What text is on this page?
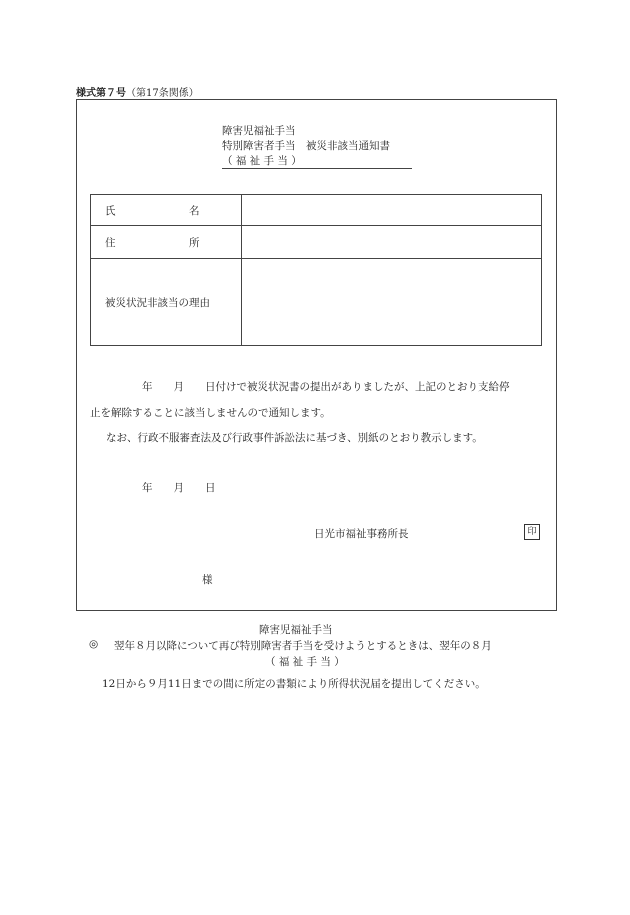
様式第７号（第17条関係）
障害児福祉手当
特別障害者手当　被災非該当通知書
（ 福 祉 手 当 ）
氏　　　　　　　名	
住　　　　　　　所	
被災状況非該当の理由	
年　　月　　日付けで被災状況書の提出がありましたが、上記のとおり支給停
止を解除することに該当しませんので通知します。
なお、行政不服審査法及び行政事件訴訟法に基づき、別紙のとおり教示します。
年　　月　　日
日光市福祉事務所長	印
様
障害児福祉手当
◎ 翌年８月以降について再び特別障害者手当を受けようとするときは、翌年の８月
（ 福 祉 手 当 ）
12日から９月11日までの間に所定の書類により所得状況届を提出してください。
